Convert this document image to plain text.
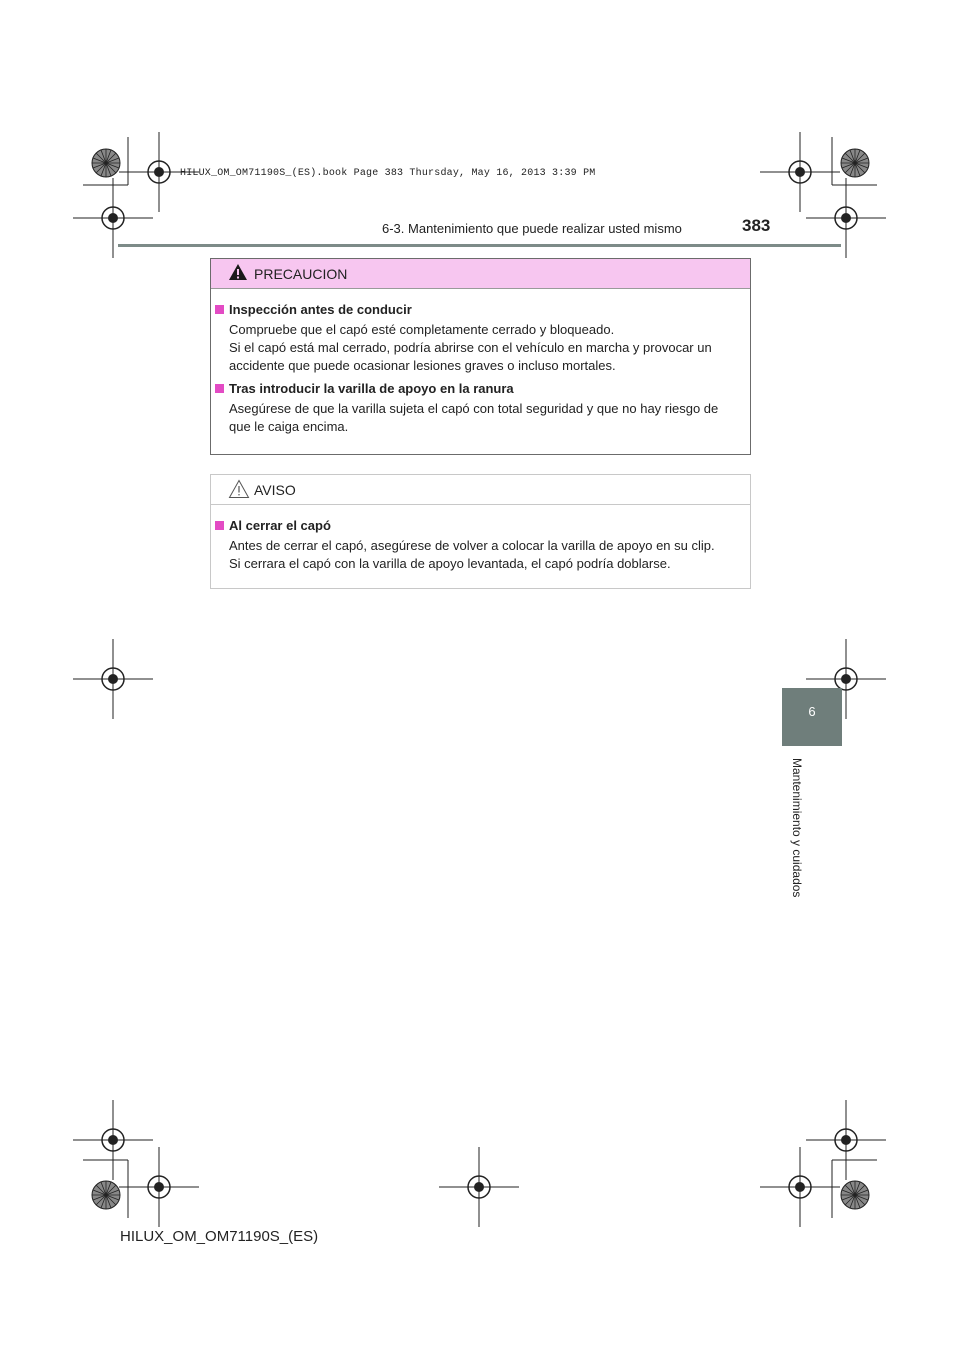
HILUX_OM_OM71190S_(ES).book Page 383 Thursday, May 16, 2013 3:39 PM
6-3. Mantenimiento que puede realizar usted mismo	383
PRECAUCION
Inspección antes de conducir
Compruebe que el capó esté completamente cerrado y bloqueado.
Si el capó está mal cerrado, podría abrirse con el vehículo en marcha y provocar un
accidente que puede ocasionar lesiones graves o incluso mortales.
Tras introducir la varilla de apoyo en la ranura
Asegúrese de que la varilla sujeta el capó con total seguridad y que no hay riesgo de
que le caiga encima.
AVISO
Al cerrar el capó
Antes de cerrar el capó, asegúrese de volver a colocar la varilla de apoyo en su clip.
Si cerrara el capó con la varilla de apoyo levantada, el capó podría doblarse.
6
Mantenimiento y cuidados
HILUX_OM_OM71190S_(ES)
